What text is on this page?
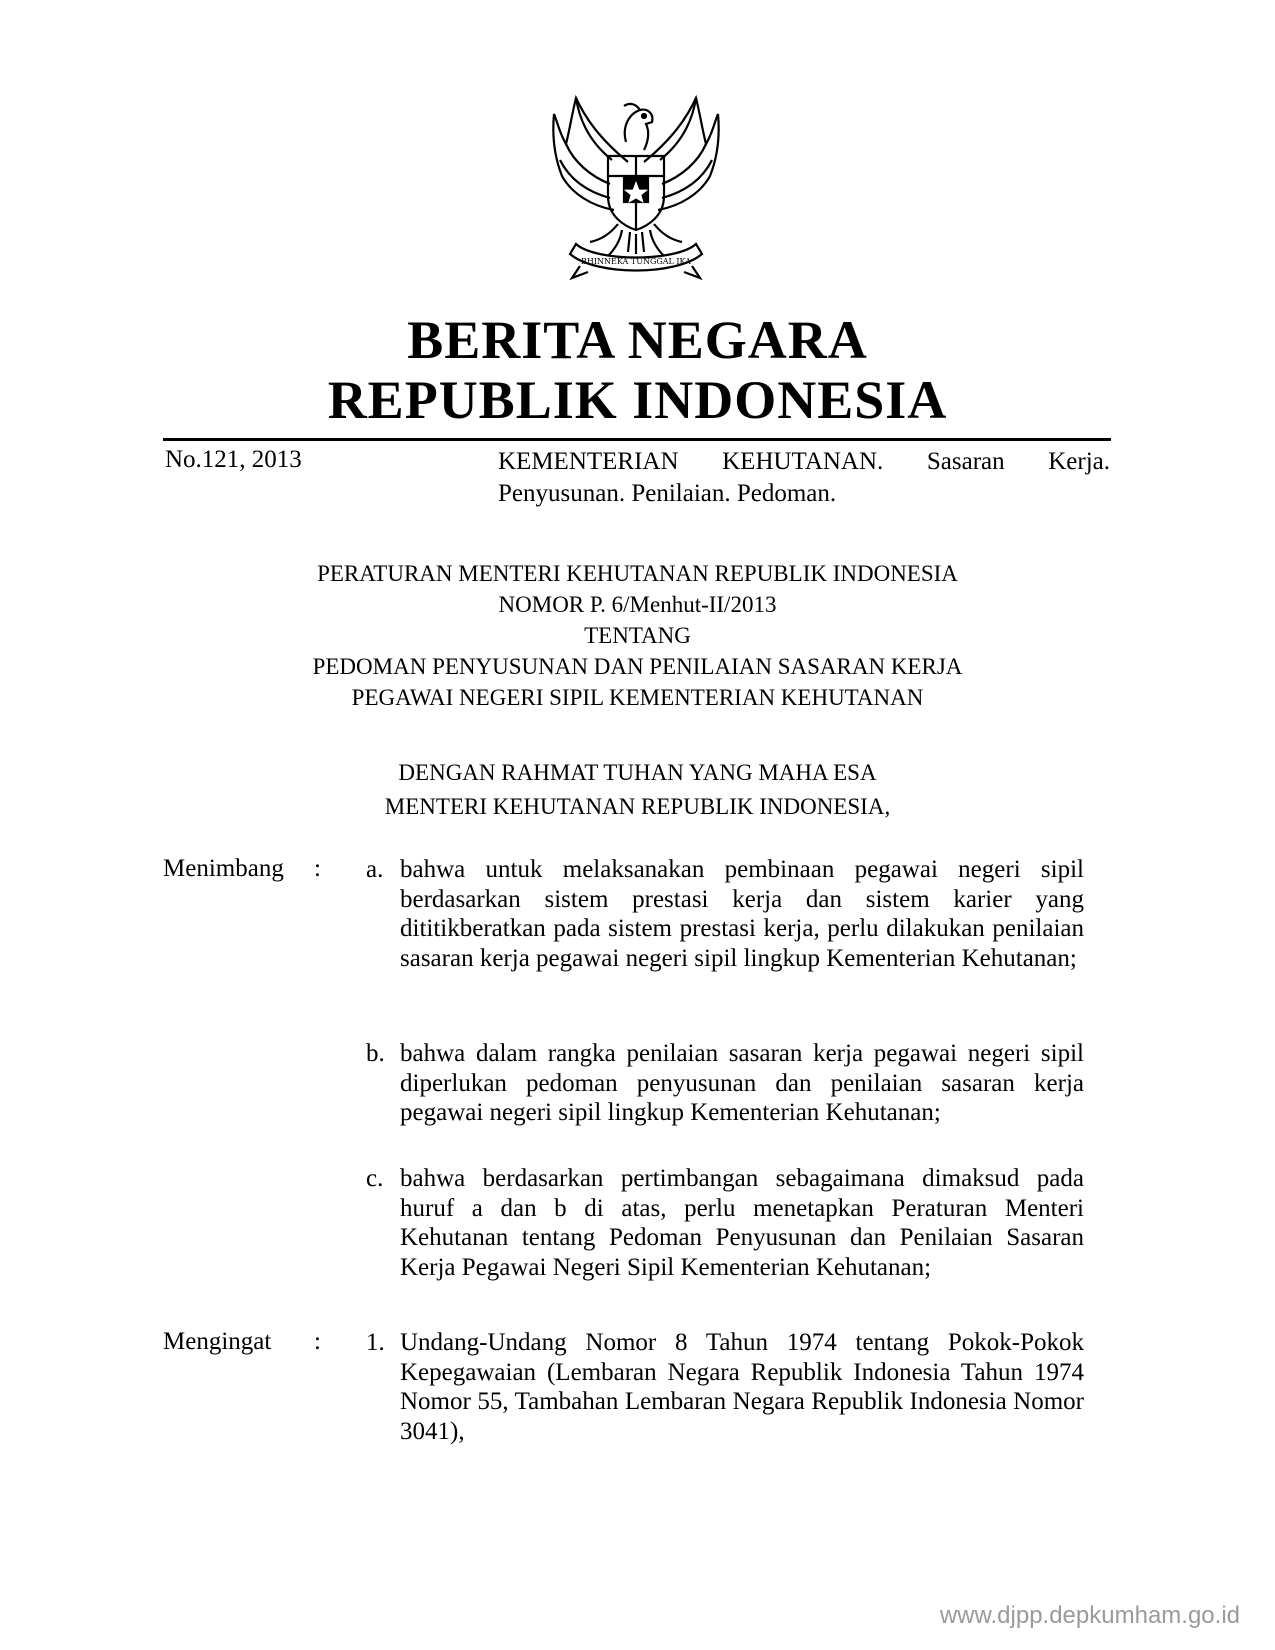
BHINNEKA TUNGGAL IKA
BERITA NEGARA
REPUBLIK INDONESIA
No.121, 2013	KEMENTERIAN KEHUTANAN. Sasaran Kerja.
Penyusunan. Penilaian. Pedoman.
PERATURAN MENTERI KEHUTANAN REPUBLIK INDONESIA
NOMOR P. 6/Menhut-II/2013
TENTANG
PEDOMAN PENYUSUNAN DAN PENILAIAN SASARAN KERJA
PEGAWAI NEGERI SIPIL KEMENTERIAN KEHUTANAN
DENGAN RAHMAT TUHAN YANG MAHA ESA
MENTERI KEHUTANAN REPUBLIK INDONESIA,
Menimbang : a. bahwa untuk melaksanakan pembinaan pegawai negeri sipil berdasarkan sistem prestasi kerja dan sistem karier yang dititikberatkan pada sistem prestasi kerja, perlu dilakukan penilaian sasaran kerja pegawai negeri sipil lingkup Kementerian Kehutanan;
b. bahwa dalam rangka penilaian sasaran kerja pegawai negeri sipil diperlukan pedoman penyusunan dan penilaian sasaran kerja pegawai negeri sipil lingkup Kementerian Kehutanan;
c. bahwa berdasarkan pertimbangan sebagaimana dimaksud pada huruf a dan b di atas, perlu menetapkan Peraturan Menteri Kehutanan tentang Pedoman Penyusunan dan Penilaian Sasaran Kerja Pegawai Negeri Sipil Kementerian Kehutanan;
Mengingat : 1. Undang-Undang Nomor 8 Tahun 1974 tentang Pokok-Pokok Kepegawaian (Lembaran Negara Republik Indonesia Tahun 1974 Nomor 55, Tambahan Lembaran Negara Republik Indonesia Nomor 3041),
www.djpp.depkumham.go.id
